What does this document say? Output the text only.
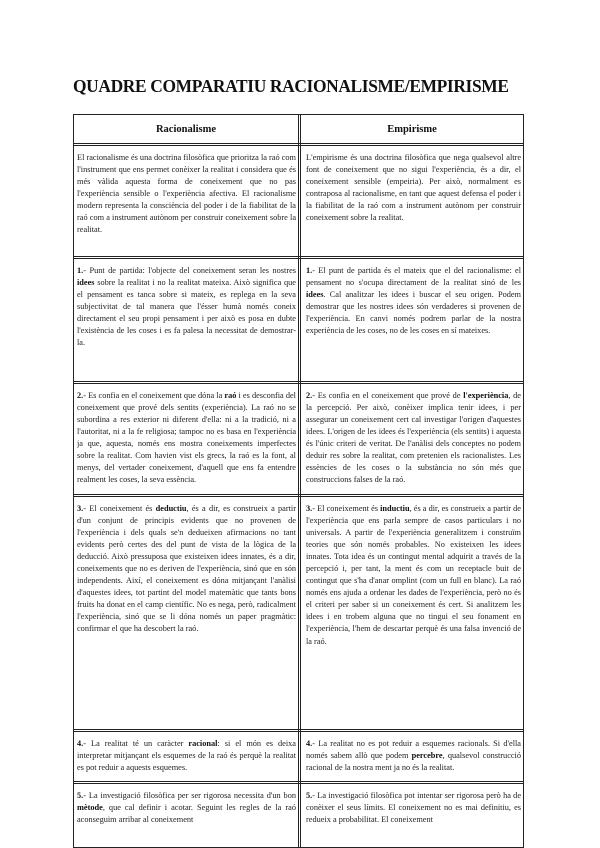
QUADRE COMPARATIU RACIONALISME/EMPIRISME
Racionalisme	Empirisme
El racionalisme és una doctrina filosòfica que prioritza la raó com l'instrument que ens permet conèixer la realitat i considera que és més vàlida aquesta forma de coneixement que no pas l'experiència sensible o l'experiència afectiva. El racionalisme modern representa la consciència del poder i de la fiabilitat de la raó com a instrument autònom per construir coneixement sobre la realitat.
L'empirisme és una doctrina filosòfica que nega qualsevol altre font de coneixement que no sigui l'experiència, és a dir, el coneixement sensible (empeiria). Per això, normalment es contraposa al racionalisme, en tant que aquest defensa el poder i la fiabilitat de la raó com a instrument autònom per construir coneixement sobre la realitat.
1.- Punt de partida: l'objecte del coneixement seran les nostres idees sobre la realitat i no la realitat mateixa. Això significa que el pensament es tanca sobre si mateix, es replega en la seva subjectivitat de tal manera que l'ésser humà només coneix directament el seu propi pensament i per això es posa en dubte l'existència de les coses i es fa palesa la necessitat de demostrar-la.
1.- El punt de partida és el mateix que el del racionalisme: el pensament no s'ocupa directament de la realitat sinó de les idees. Cal analitzar les idees i buscar el seu origen. Podem demostrar que les nostres idees són verdaderes si provenen de l'experiència. En canvi només podrem parlar de la nostra experiència de les coses, no de les coses en sí mateixes.
2.- Es confia en el coneixement que dóna la raó i es desconfia del coneixement que prové dels sentits (experiència). La raó no se subordina a res exterior ni diferent d'ella: ni a la tradició, ni a l'autoritat, ni a la fe religiosa; tampoc no es basa en l'experiència ja que, aquesta, només ens mostra coneixements imperfectes sobre la realitat. Com havien vist els grecs, la raó es la font, al menys, del vertader coneixement, d'aquell que ens fa entendre realment les coses, la seva essència.
2.- Es confia en el coneixement que prové de l'experiència, de la percepció. Per això, conèixer implica tenir idees, i per assegurar un coneixement cert cal investigar l'origen d'aquestes idees. L'origen de les idees és l'experiència (els sentits) i aquesta és l'únic criteri de veritat. De l'anàlisi dels conceptes no podem deduir res sobre la realitat, com pretenien els racionalistes. Les essències de les coses o la substància no són més que construccions falses de la raó.
3.- El coneixement és deductiu, és a dir, es construeix a partir d'un conjunt de principis evidents que no provenen de l'experiència i dels quals se'n dedueixen afirmacions no tant evidents però certes des del punt de vista de la lògica de la deducció. Això pressuposa que existeixen idees innates, és a dir, coneixements que no es deriven de l'experiència, sinó que en són independents. Així, el coneixement es dóna mitjançant l'anàlisi d'aquestes idees, tot partint del model matemàtic que tants bons fruits ha donat en el camp científic. No es nega, però, radicalment l'experiència, sinó que se li dóna només un paper pragmàtic: confirmar el que ha descobert la raó.
3.- El coneixement és inductiu, és a dir, es construeix a partir de l'experiència que ens parla sempre de casos particulars i no universals. A partir de l'experiència generalitzem i construïm teories que són només probables. No existeixen les idees innates. Tota idea és un contingut mental adquirit a través de la percepció i, per tant, la ment és com un receptacle buit de contingut que s'ha d'anar omplint (com un full en blanc). La raó només ens ajuda a ordenar les dades de l'experiència, però no és el criteri per saber si un coneixement és cert. Si analitzem les idees i en trobem alguna que no tingui el seu fonament en l'experiència, l'hem de descartar perquè és una falsa invenció de la raó.
4.- La realitat té un caràcter racional: si el món es deixa interpretar mitjançant els esquemes de la raó és perquè la realitat es pot reduir a aquests esquemes.
4.- La realitat no es pot reduir a esquemes racionals. Si d'ella només sabem allò que podem percebre, qualsevol construcció racional de la nostra ment ja no és la realitat.
5.- La investigació filosòfica per ser rigorosa necessita d'un bon mètode, que cal definir i acotar. Seguint les regles de la raó aconseguim arribar al coneixement
5.- La investigació filosòfica pot intentar ser rigorosa però ha de conèixer el seus límits. El coneixement no es mai definitiu, es redueix a probabilitat. El coneixement
